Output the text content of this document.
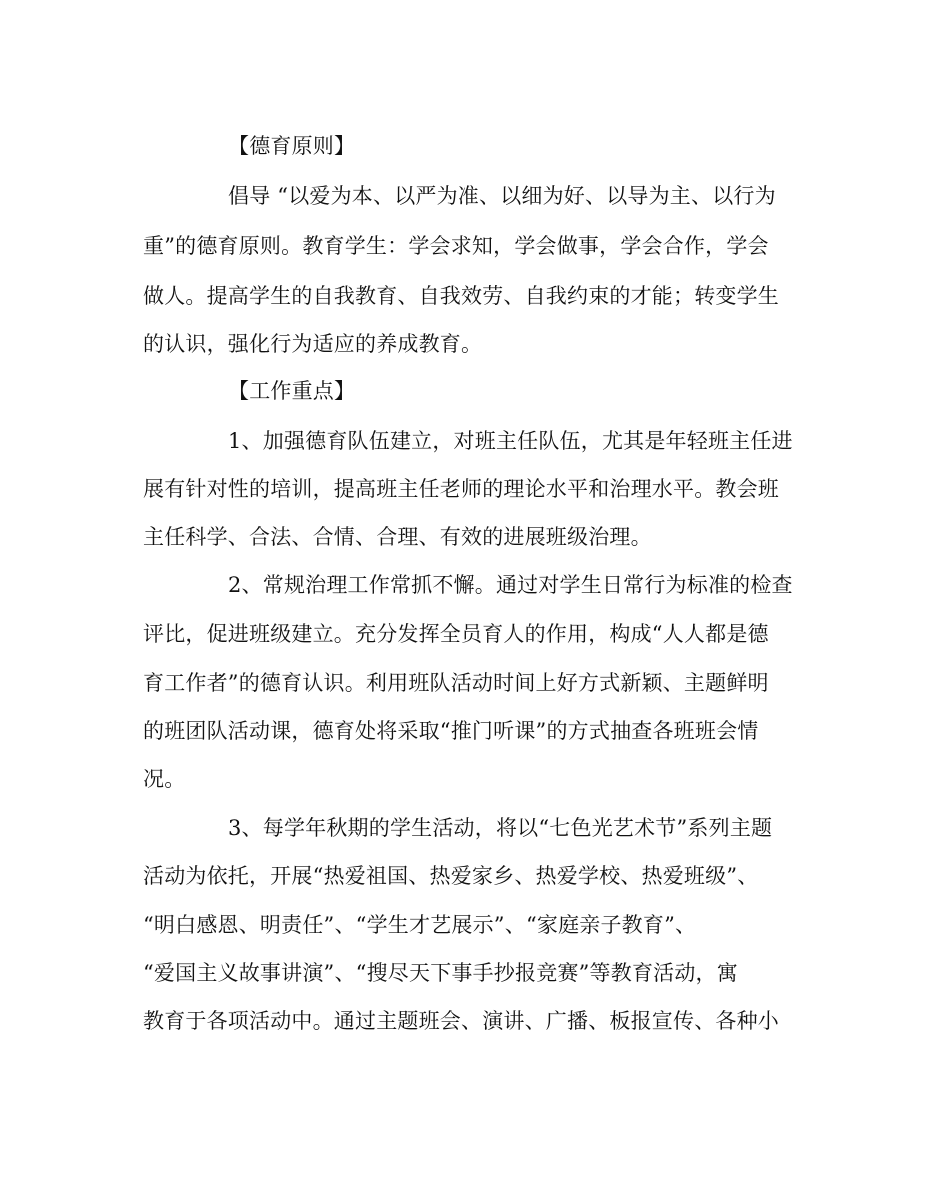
【德育原则】
倡导 “以爱为本、以严为准、以细为好、以导为主、以行为
重”的德育原则。教育学生：学会求知，学会做事，学会合作，学会
做人。提高学生的自我教育、自我效劳、自我约束的才能；转变学生
的认识，强化行为适应的养成教育。
【工作重点】
1、加强德育队伍建立，对班主任队伍，尤其是年轻班主任进
展有针对性的培训，提高班主任老师的理论水平和治理水平。教会班
主任科学、合法、合情、合理、有效的进展班级治理。
2、常规治理工作常抓不懈。通过对学生日常行为标准的检查
评比，促进班级建立。充分发挥全员育人的作用，构成“人人都是德
育工作者”的德育认识。利用班队活动时间上好方式新颖、主题鲜明
的班团队活动课，德育处将采取“推门听课”的方式抽查各班班会情
况。
3、每学年秋期的学生活动，将以“七色光艺术节”系列主题
活动为依托，开展“热爱祖国、热爱家乡、热爱学校、热爱班级”、
“明白感恩、明责任”、“学生才艺展示”、“家庭亲子教育”、
“爱国主义故事讲演”、“搜尽天下事手抄报竞赛”等教育活动，寓
教育于各项活动中。通过主题班会、演讲、广播、板报宣传、各种小
